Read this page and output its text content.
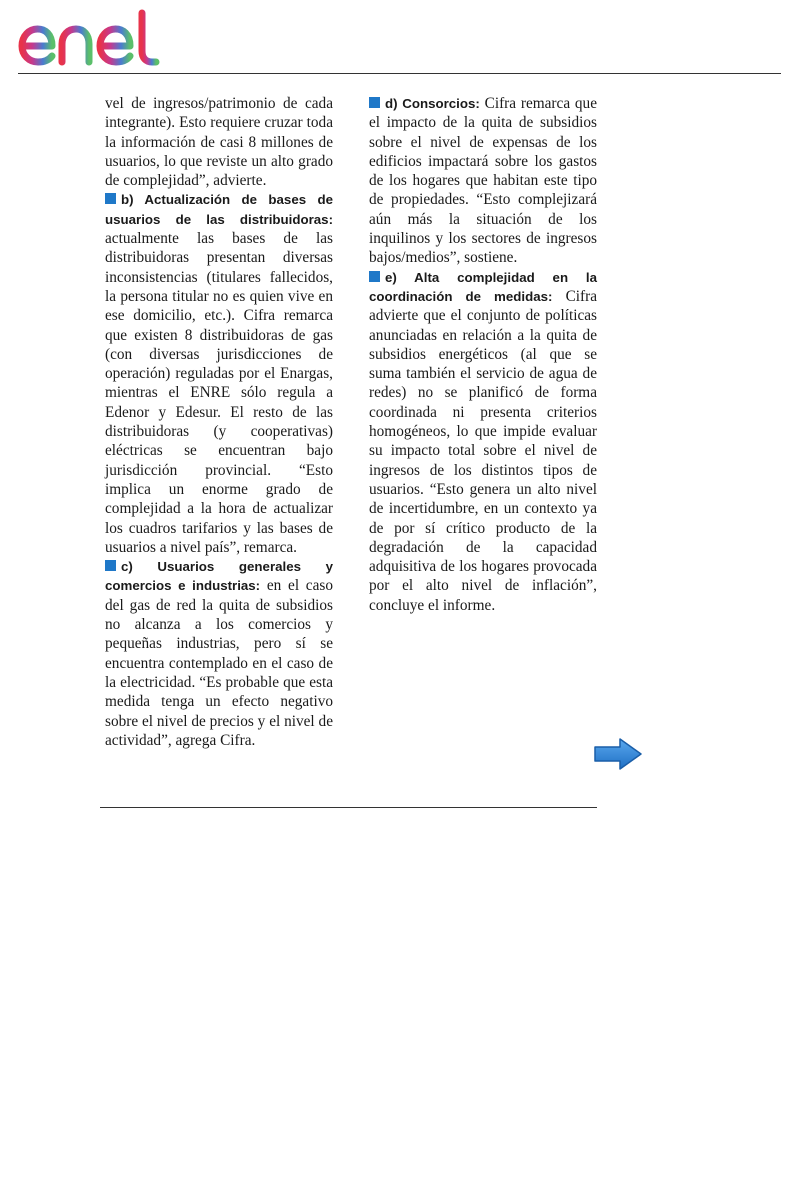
enel

vel de ingresos/patrimonio de cada integrante). Esto requiere cruzar toda la información de casi 8 millones de usuarios, lo que reviste un alto grado de complejidad”, advierte.

b) Actualización de bases de usuarios de las distribuidoras: actualmente las bases de las distribuidoras presentan diversas inconsistencias (titulares fallecidos, la persona titular no es quien vive en ese domicilio, etc.). Cifra remarca que existen 8 distribuidoras de gas (con diversas jurisdicciones de operación) reguladas por el Enargas, mientras el ENRE sólo regula a Edenor y Edesur. El resto de las distribuidoras (y cooperativas) eléctricas se encuentran bajo jurisdicción provincial. “Esto implica un enorme grado de complejidad a la hora de actualizar los cuadros tarifarios y las bases de usuarios a nivel país”, remarca.

c) Usuarios generales y comercios e industrias: en el caso del gas de red la quita de subsidios no alcanza a los comercios y pequeñas industrias, pero sí se encuentra contemplado en el caso de la electricidad. “Es probable que esta medida tenga un efecto negativo sobre el nivel de precios y el nivel de actividad”, agrega Cifra.

d) Consorcios: Cifra remarca que el impacto de la quita de subsidios sobre el nivel de expensas de los edificios impactará sobre los gastos de los hogares que habitan este tipo de propiedades. “Esto complejizará aún más la situación de los inquilinos y los sectores de ingresos bajos/medios”, sostiene.

e) Alta complejidad en la coordinación de medidas: Cifra advierte que el conjunto de políticas anunciadas en relación a la quita de subsidios energéticos (al que se suma también el servicio de agua de redes) no se planificó de forma coordinada ni presenta criterios homogéneos, lo que impide evaluar su impacto total sobre el nivel de ingresos de los distintos tipos de usuarios. “Esto genera un alto nivel de incertidumbre, en un contexto ya de por sí crítico producto de la degradación de la capacidad adquisitiva de los hogares provocada por el alto nivel de inflación”, concluye el informe.
